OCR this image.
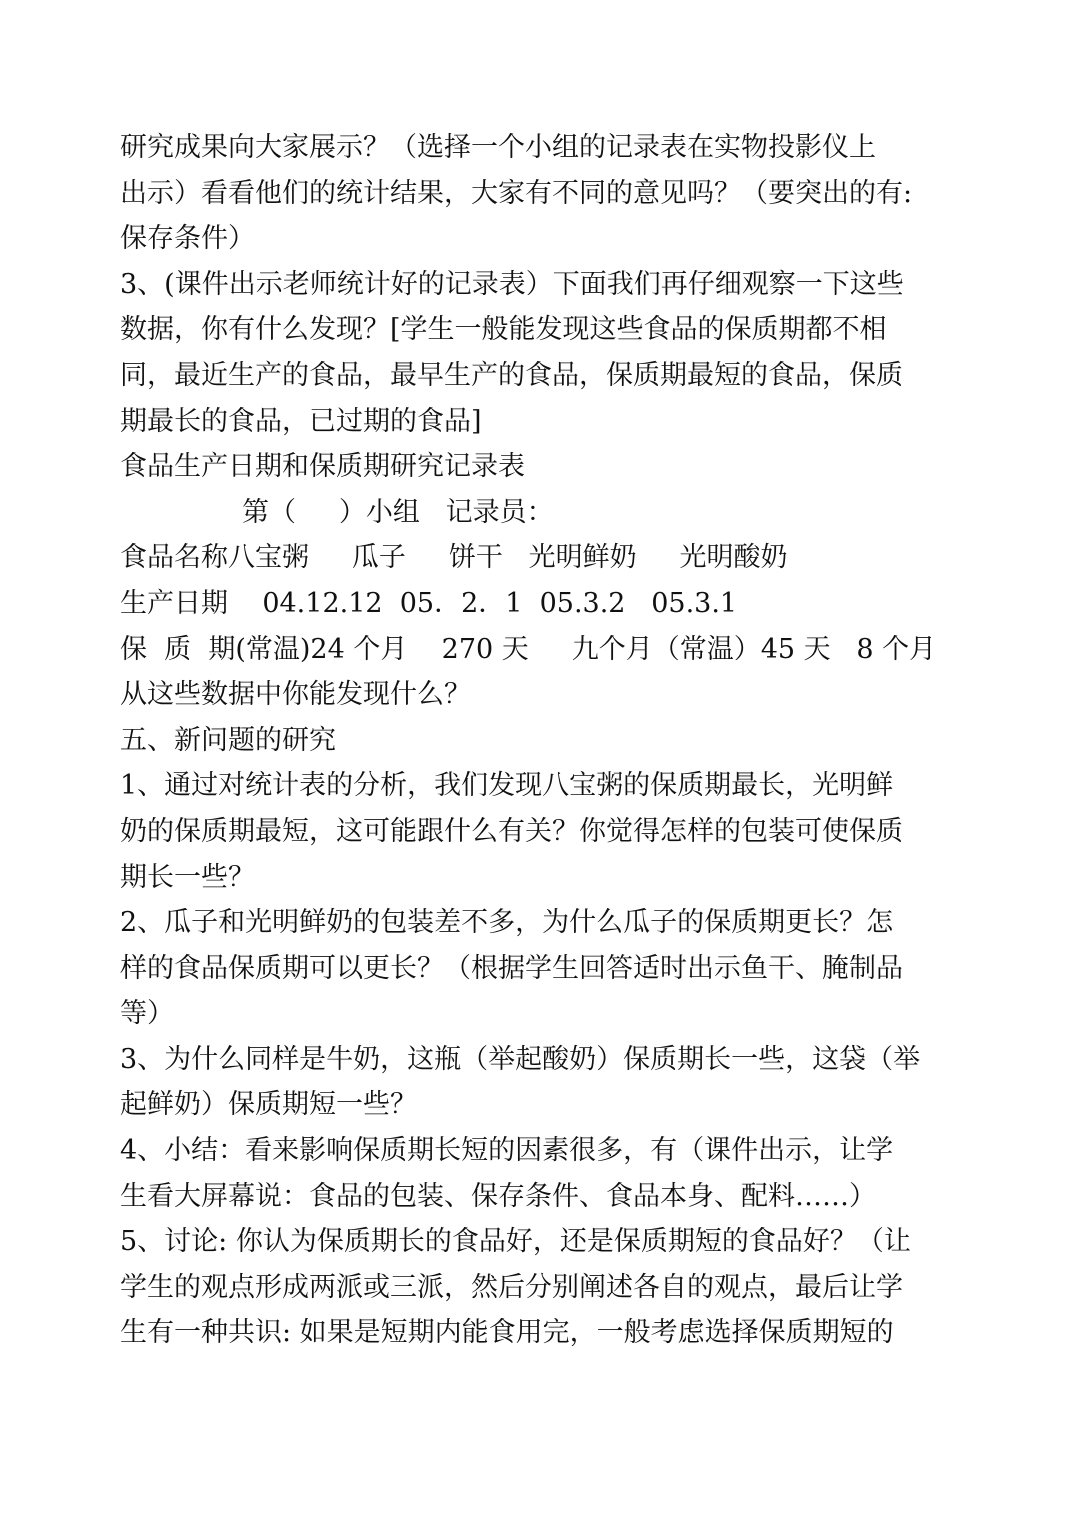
研究成果向大家展示？（选择一个小组的记录表在实物投影仪上
出示）看看他们的统计结果，大家有不同的意见吗？（要突出的有:
保存条件）
3、(课件出示老师统计好的记录表）下面我们再仔细观察一下这些
数据，你有什么发现？[学生一般能发现这些食品的保质期都不相
同，最近生产的食品，最早生产的食品，保质期最短的食品，保质
期最长的食品，已过期的食品]
食品生产日期和保质期研究记录表
第（     ）小组   记录员：
食品名称八宝粥     瓜子     饼干   光明鲜奶     光明酸奶
生产日期    04.12.12  05．2．1  05.3.2   05.3.1
保  质  期(常温)24 个月    270 天     九个月（常温）45 天   8 个月
从这些数据中你能发现什么？
五、新问题的研究
1、通过对统计表的分析，我们发现八宝粥的保质期最长，光明鲜
奶的保质期最短，这可能跟什么有关？你觉得怎样的包装可使保质
期长一些？
2、瓜子和光明鲜奶的包装差不多，为什么瓜子的保质期更长？怎
样的食品保质期可以更长？（根据学生回答适时出示鱼干、腌制品
等）
3、为什么同样是牛奶，这瓶（举起酸奶）保质期长一些，这袋（举
起鲜奶）保质期短一些？
4、小结：看来影响保质期长短的因素很多，有（课件出示，让学
生看大屏幕说：食品的包装、保存条件、食品本身、配料……）
5、讨论: 你认为保质期长的食品好，还是保质期短的食品好？（让
学生的观点形成两派或三派，然后分别阐述各自的观点，最后让学
生有一种共识: 如果是短期内能食用完，一般考虑选择保质期短的
